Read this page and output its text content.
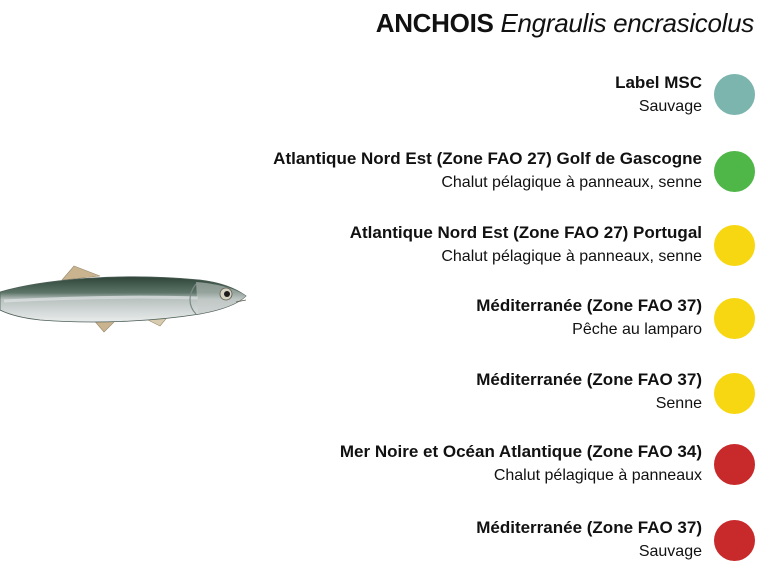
ANCHOIS Engraulis encrasicolus
Label MSC
Sauvage
Atlantique Nord Est (Zone FAO 27) Golf de Gascogne
Chalut pélagique à panneaux, senne
Atlantique Nord Est (Zone FAO 27) Portugal
Chalut pélagique à panneaux, senne
Méditerranée (Zone FAO 37)
Pêche au lamparo
Méditerranée (Zone FAO 37)
Senne
Mer Noire et Océan Atlantique (Zone FAO 34)
Chalut pélagique à panneaux
Méditerranée (Zone FAO 37)
Sauvage
